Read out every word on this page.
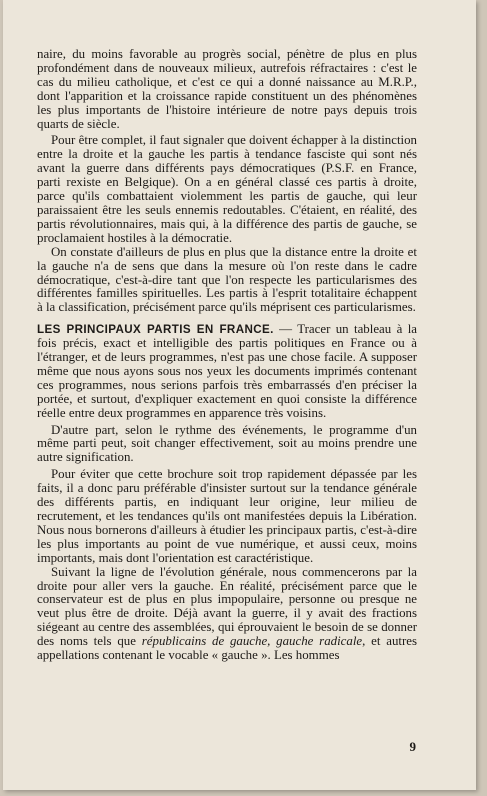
naire, du moins favorable au progrès social, pénètre de plus en plus profondément dans de nouveaux milieux, autrefois réfractaires : c'est le cas du milieu catholique, et c'est ce qui a donné naissance au M.R.P., dont l'apparition et la croissance rapide constituent un des phénomènes les plus importants de l'histoire intérieure de notre pays depuis trois quarts de siècle.

Pour être complet, il faut signaler que doivent échapper à la distinction entre la droite et la gauche les partis à tendance fasciste qui sont nés avant la guerre dans différents pays démocratiques (P.S.F. en France, parti rexiste en Belgique). On a en général classé ces partis à droite, parce qu'ils combattaient violemment les partis de gauche, qui leur paraissaient être les seuls ennemis redoutables. C'étaient, en réalité, des partis révolutionnaires, mais qui, à la différence des partis de gauche, se proclamaient hostiles à la démocratie.

On constate d'ailleurs de plus en plus que la distance entre la droite et la gauche n'a de sens que dans la mesure où l'on reste dans le cadre démocratique, c'est-à-dire tant que l'on respecte les particularismes des différentes familles spirituelles. Les partis à l'esprit totalitaire échappent à la classification, précisément parce qu'ils méprisent ces particularismes.

LES PRINCIPAUX PARTIS EN FRANCE. — Tracer un tableau à la fois précis, exact et intelligible des partis politiques en France ou à l'étranger, et de leurs programmes, n'est pas une chose facile. A supposer même que nous ayons sous nos yeux les documents imprimés contenant ces programmes, nous serions parfois très embarrassés d'en préciser la portée, et surtout, d'expliquer exactement en quoi consiste la différence réelle entre deux programmes en apparence très voisins.

D'autre part, selon le rythme des événements, le programme d'un même parti peut, soit changer effectivement, soit au moins prendre une autre signification.

Pour éviter que cette brochure soit trop rapidement dépassée par les faits, il a donc paru préférable d'insister surtout sur la tendance générale des différents partis, en indiquant leur origine, leur milieu de recrutement, et les tendances qu'ils ont manifestées depuis la Libération. Nous nous bornerons d'ailleurs à étudier les principaux partis, c'est-à-dire les plus importants au point de vue numérique, et aussi ceux, moins importants, mais dont l'orientation est caractéristique.

Suivant la ligne de l'évolution générale, nous commencerons par la droite pour aller vers la gauche. En réalité, précisément parce que le conservateur est de plus en plus impopulaire, personne ou presque ne veut plus être de droite. Déjà avant la guerre, il y avait des fractions siégeant au centre des assemblées, qui éprouvaient le besoin de se donner des noms tels que républicains de gauche, gauche radicale, et autres appellations contenant le vocable « gauche ». Les hommes

9
